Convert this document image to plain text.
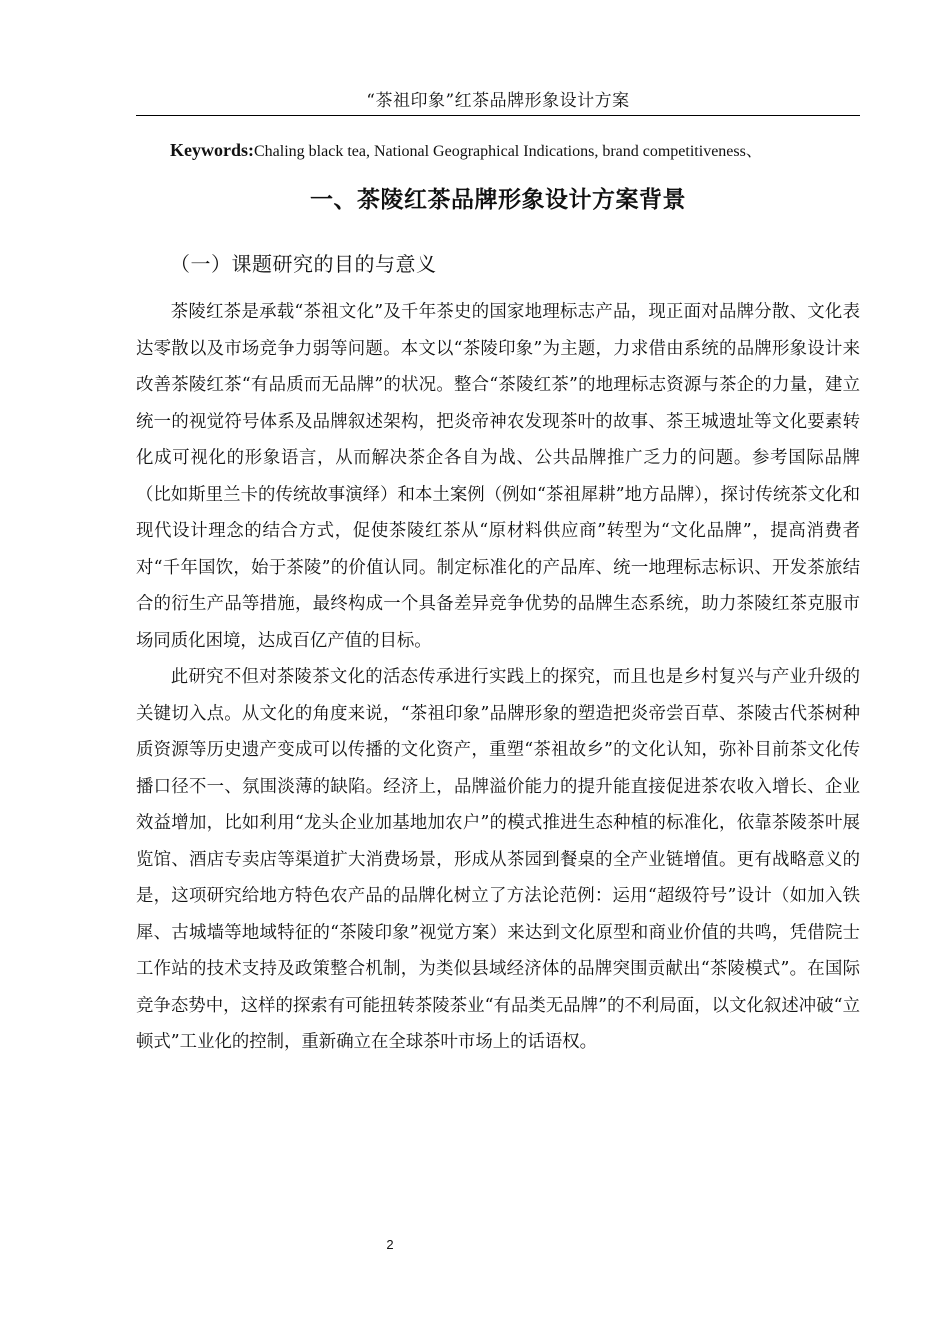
“茶祖印象”红茶品牌形象设计方案
Keywords:Chaling black tea, National Geographical Indications, brand competitiveness、
一、茶陵红茶品牌形象设计方案背景
（一）课题研究的目的与意义

茶陵红茶是承载“茶祖文化”及千年茶史的国家地理标志产品，现正面对品牌分散、文化表达零散以及市场竞争力弱等问题。本文以“茶陵印象”为主题，力求借由系统的品牌形象设计来改善茶陵红茶“有品质而无品牌”的状况。整合“茶陵红茶”的地理标志资源与茶企的力量，建立统一的视觉符号体系及品牌叙述架构，把炎帝神农发现茶叶的故事、茶王城遗址等文化要素转化成可视化的形象语言，从而解决茶企各自为战、公共品牌推广乏力的问题。参考国际品牌（比如斯里兰卡的传统故事演绎）和本土案例（例如“茶祖犀耕”地方品牌），探讨传统茶文化和现代设计理念的结合方式，促使茶陵红茶从“原材料供应商”转型为“文化品牌”，提高消费者对“千年国饮，始于茶陵”的价值认同。制定标准化的产品库、统一地理标志标识、开发茶旅结合的衍生产品等措施，最终构成一个具备差异竞争优势的品牌生态系统，助力茶陵红茶克服市场同质化困境，达成百亿产值的目标。

此研究不但对茶陵茶文化的活态传承进行实践上的探究，而且也是乡村复兴与产业升级的关键切入点。从文化的角度来说，“茶祖印象”品牌形象的塑造把炎帝尝百草、茶陵古代茶树种质资源等历史遗产变成可以传播的文化资产，重塑“茶祖故乡”的文化认知，弥补目前茶文化传播口径不一、氛围淡薄的缺陷。经济上，品牌溢价能力的提升能直接促进茶农收入增长、企业效益增加，比如利用“龙头企业加基地加农户”的模式推进生态种植的标准化，依靠茶陵茶叶展览馆、酒店专卖店等渠道扩大消费场景，形成从茶园到餐桌的全产业链增值。更有战略意义的是，这项研究给地方特色农产品的品牌化树立了方法论范例：运用“超级符号”设计（如加入铁犀、古城墙等地域特征的“茶陵印象”视觉方案）来达到文化原型和商业价值的共鸣，凭借院士工作站的技术支持及政策整合机制，为类似县域经济体的品牌突围贡献出“茶陵模式”。在国际竞争态势中，这样的探索有可能扭转茶陵茶业“有品类无品牌”的不利局面，以文化叙述冲破“立顿式”工业化的控制，重新确立在全球茶叶市场上的话语权。

2
